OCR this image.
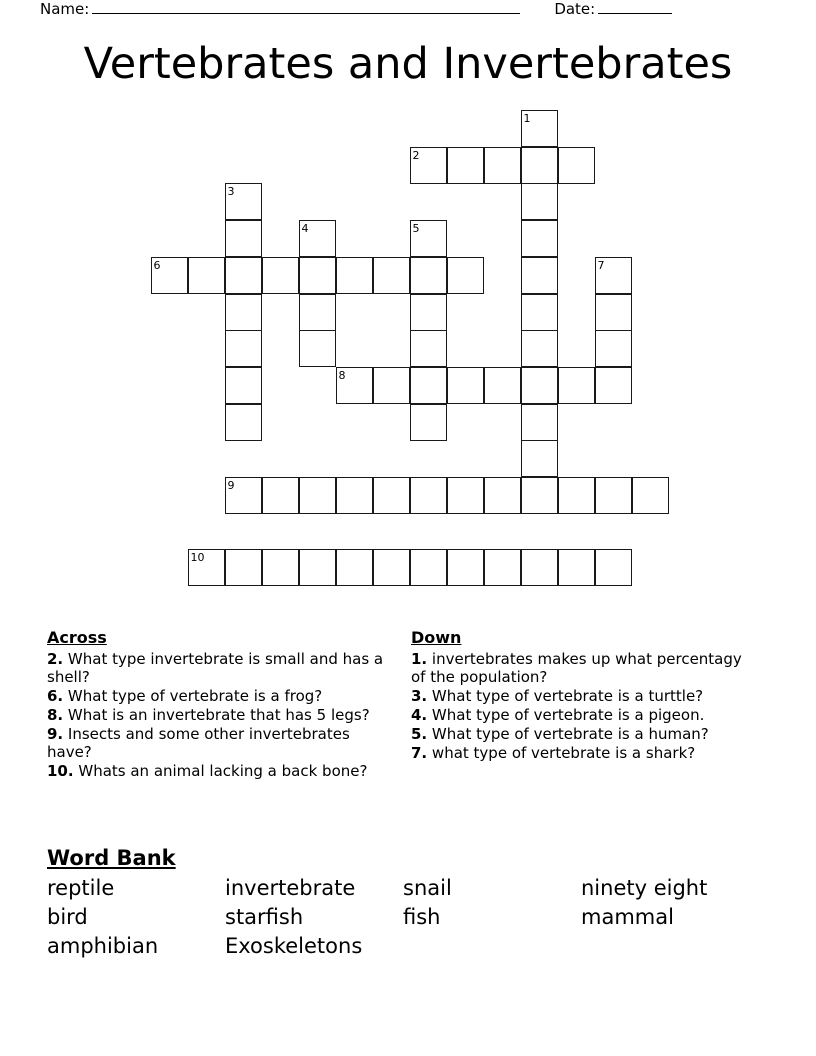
Name:	Date:
Vertebrates and Invertebrates
1
2
3
4	5
6	7
8
9
10
Across
2. What type invertebrate is small and has a shell?
6. What type of vertebrate is a frog?
8. What is an invertebrate that has 5 legs?
9. Insects and some other invertebrates have?
10. Whats an animal lacking a back bone?
Down
1. invertebrates makes up what percentagy of the population?
3. What type of vertebrate is a turttle?
4. What type of vertebrate is a pigeon.
5. What type of vertebrate is a human?
7. what type of vertebrate is a shark?
Word Bank
reptile	invertebrate	snail	ninety eight
bird	starfish	fish	mammal
amphibian	Exoskeletons
